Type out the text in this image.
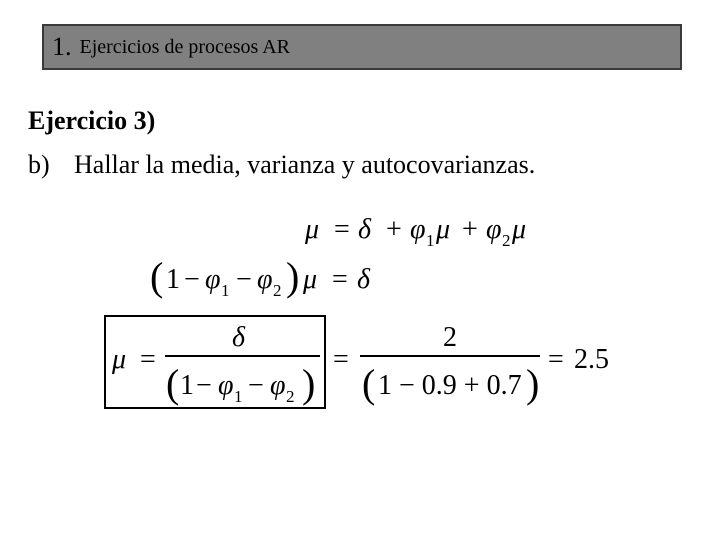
1. Ejercicios de procesos AR
Ejercicio 3)
b) Hallar la media, varianza y autocovarianzas.
μ = δ + φ 1 μ + φ 2 μ
( 1 − φ 1 − φ 2 ) μ = δ
μ =
δ
( 1 − φ 1 − φ 2 )
=
2
( 1 − 0.9 + 0.7 )
= 2.5
